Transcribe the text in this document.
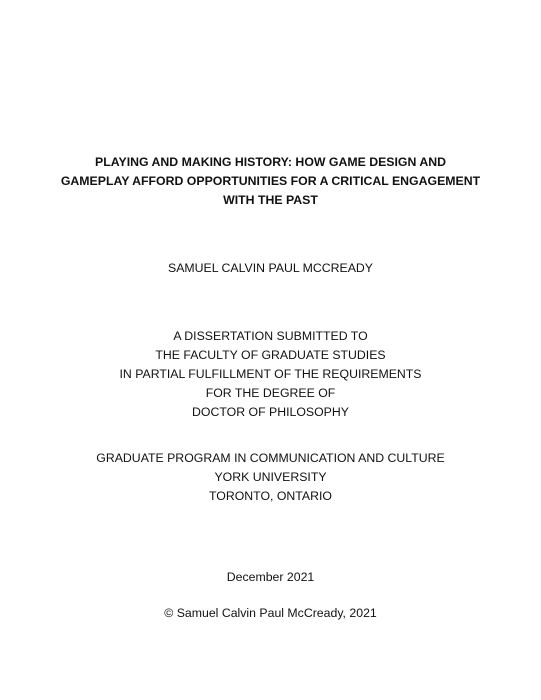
PLAYING AND MAKING HISTORY: HOW GAME DESIGN AND
GAMEPLAY AFFORD OPPORTUNITIES FOR A CRITICAL ENGAGEMENT
WITH THE PAST
SAMUEL CALVIN PAUL MCCREADY
A DISSERTATION SUBMITTED TO
THE FACULTY OF GRADUATE STUDIES
IN PARTIAL FULFILLMENT OF THE REQUIREMENTS
FOR THE DEGREE OF
DOCTOR OF PHILOSOPHY
GRADUATE PROGRAM IN COMMUNICATION AND CULTURE
YORK UNIVERSITY
TORONTO, ONTARIO
December 2021
© Samuel Calvin Paul McCready, 2021
